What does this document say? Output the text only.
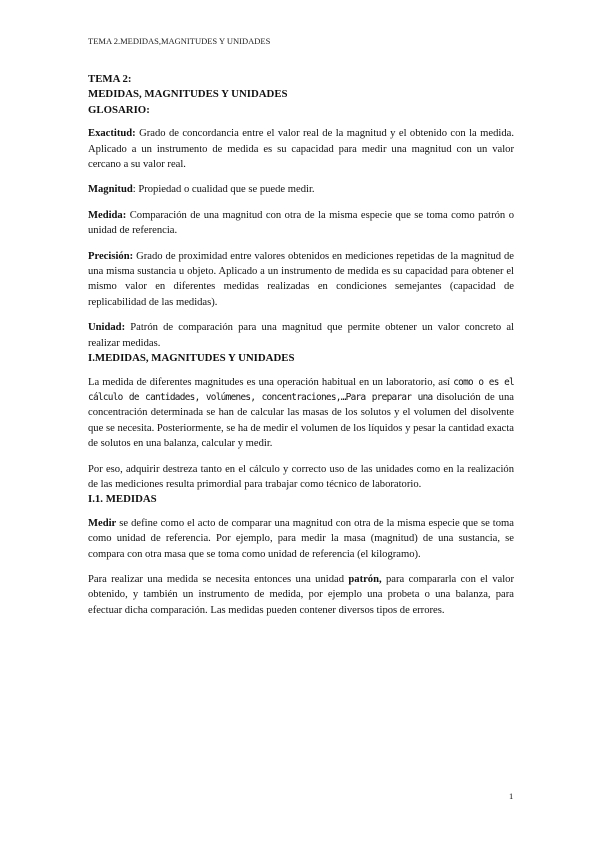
TEMA 2.MEDIDAS,MAGNITUDES Y UNIDADES

TEMA 2:

MEDIDAS, MAGNITUDES Y UNIDADES

GLOSARIO:

Exactitud: Grado de concordancia entre el valor real de la magnitud y el obtenido con la medida. Aplicado a un instrumento de medida es su capacidad para medir una magnitud con un valor cercano a su valor real.

Magnitud: Propiedad o cualidad que se puede medir.

Medida: Comparación de una magnitud con otra de la misma especie que se toma como patrón o unidad de referencia.

Precisión: Grado de proximidad entre valores obtenidos en mediciones repetidas de la magnitud de una misma sustancia u objeto. Aplicado a un instrumento de medida es su capacidad para obtener el mismo valor en diferentes medidas realizadas en condiciones semejantes (capacidad de replicabilidad de las medidas).

Unidad: Patrón de comparación para una magnitud que permite obtener un valor concreto al realizar medidas.

I.MEDIDAS, MAGNITUDES Y UNIDADES

La medida de diferentes magnitudes es una operación habitual en un laboratorio, así como o es el cálculo de cantidades, volúmenes, concentraciones,…Para preparar una disolución de una concentración determinada se han de calcular las masas de los solutos y el volumen del disolvente que se necesita. Posteriormente, se ha de medir el volumen de los líquidos y pesar la cantidad exacta de solutos en una balanza, calcular y medir.

Por eso, adquirir destreza tanto en el cálculo y correcto uso de las unidades como en la realización de las mediciones resulta primordial para trabajar como técnico de laboratorio.

I.1. MEDIDAS

Medir se define como el acto de comparar una magnitud con otra de la misma especie que se toma como unidad de referencia. Por ejemplo, para medir la masa (magnitud) de una sustancia, se compara con otra masa que se toma como unidad de referencia (el kilogramo).

Para realizar una medida se necesita entonces una unidad patrón, para compararla con el valor obtenido, y también un instrumento de medida, por ejemplo una probeta o una balanza, para efectuar dicha comparación. Las medidas pueden contener diversos tipos de errores.

1
